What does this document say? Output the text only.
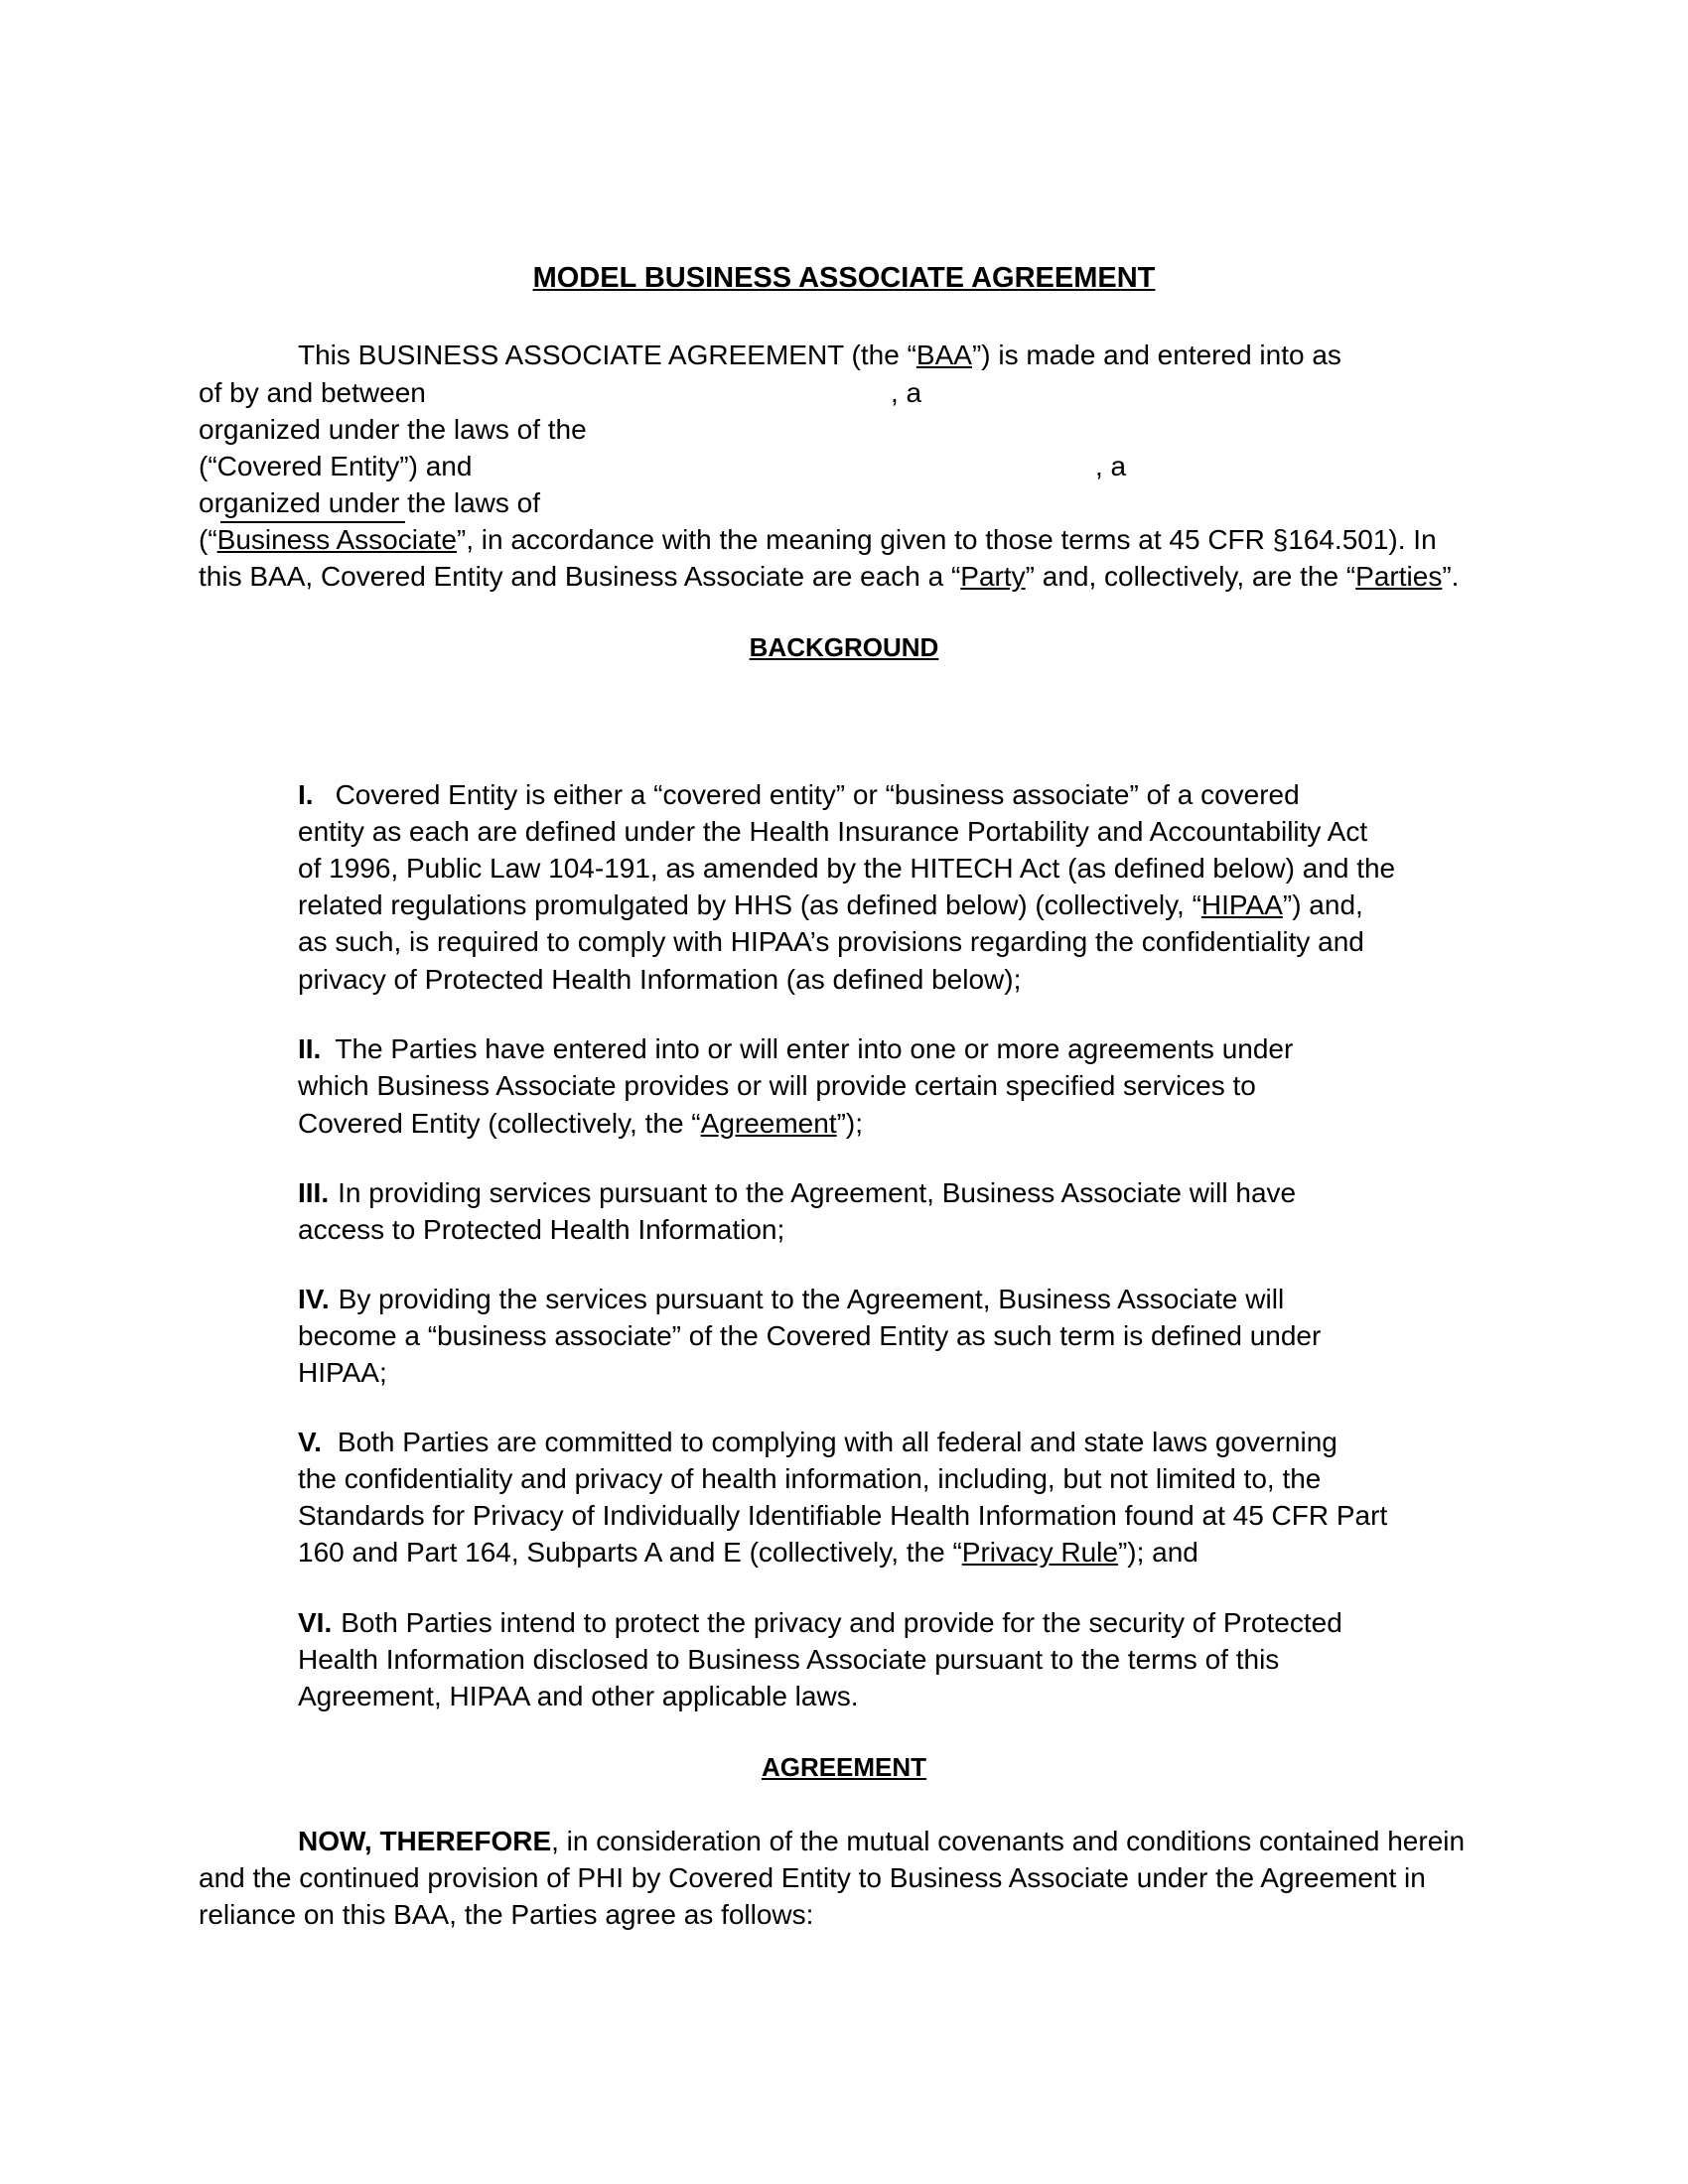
MODEL BUSINESS ASSOCIATE AGREEMENT
This BUSINESS ASSOCIATE AGREEMENT (the “BAA”) is made and entered into as
of by and between	, a
organized under the laws of the
(“Covered Entity”) and	, a
organized under the laws of
(“Business Associate”, in accordance with the meaning given to those terms at 45 CFR §164.501). In
this BAA, Covered Entity and Business Associate are each a “Party” and, collectively, are the “Parties”.
BACKGROUND
I. Covered Entity is either a “covered entity” or “business associate” of a covered
entity as each are defined under the Health Insurance Portability and Accountability Act
of 1996, Public Law 104-191, as amended by the HITECH Act (as defined below) and the
related regulations promulgated by HHS (as defined below) (collectively, “HIPAA”) and,
as such, is required to comply with HIPAA’s provisions regarding the confidentiality and
privacy of Protected Health Information (as defined below);
II. The Parties have entered into or will enter into one or more agreements under
which Business Associate provides or will provide certain specified services to
Covered Entity (collectively, the “Agreement”);
III. In providing services pursuant to the Agreement, Business Associate will have
access to Protected Health Information;
IV. By providing the services pursuant to the Agreement, Business Associate will
become a “business associate” of the Covered Entity as such term is defined under
HIPAA;
V. Both Parties are committed to complying with all federal and state laws governing
the confidentiality and privacy of health information, including, but not limited to, the
Standards for Privacy of Individually Identifiable Health Information found at 45 CFR Part
160 and Part 164, Subparts A and E (collectively, the “Privacy Rule”); and
VI. Both Parties intend to protect the privacy and provide for the security of Protected
Health Information disclosed to Business Associate pursuant to the terms of this
Agreement, HIPAA and other applicable laws.
AGREEMENT
NOW, THEREFORE, in consideration of the mutual covenants and conditions contained herein
and the continued provision of PHI by Covered Entity to Business Associate under the Agreement in
reliance on this BAA, the Parties agree as follows:
